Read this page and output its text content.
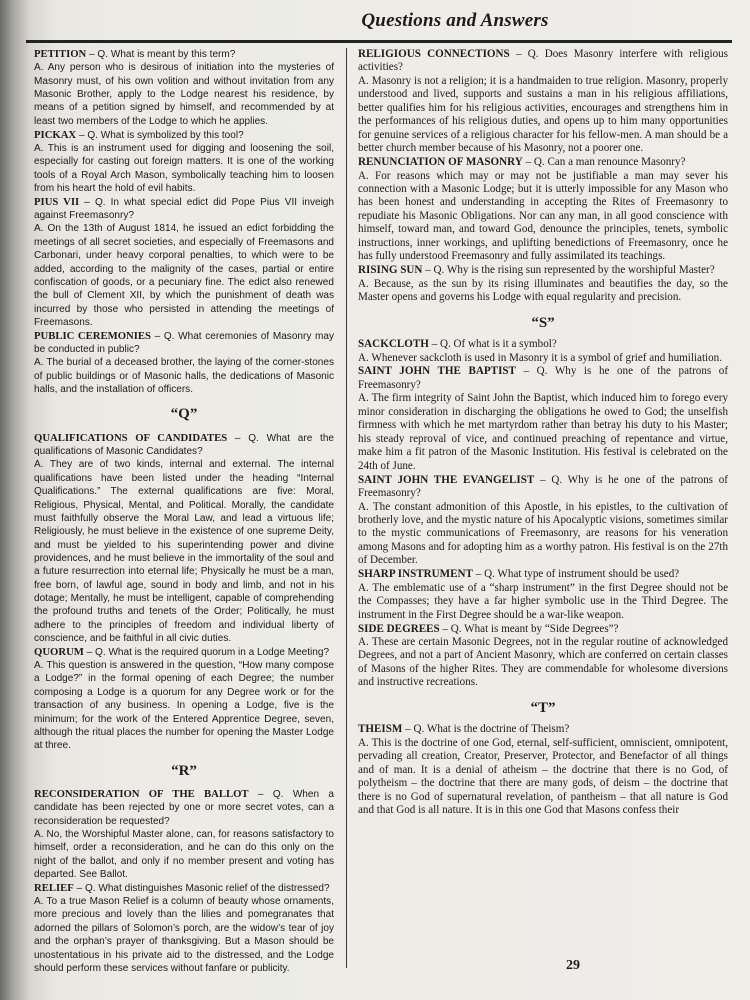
Questions and Answers

PETITION – Q. What is meant by this term?

A. Any person who is desirous of initiation into the mysteries of Masonry must, of his own volition and without invitation from any Masonic Brother, apply to the Lodge nearest his residence, by means of a petition signed by himself, and recommended by at least two members of the Lodge to which he applies.

PICKAX – Q. What is symbolized by this tool?

A. This is an instrument used for digging and loosening the soil, especially for casting out foreign matters. It is one of the working tools of a Royal Arch Mason, symbolically teaching him to loosen from his heart the hold of evil habits.

PIUS VII – Q. In what special edict did Pope Pius VII inveigh against Freemasonry?

A. On the 13th of August 1814, he issued an edict forbidding the meetings of all secret societies, and especially of Freemasons and Carbonari, under heavy corporal penalties, to which were to be added, according to the malignity of the cases, partial or entire confiscation of goods, or a pecuniary fine. The edict also renewed the bull of Clement XII, by which the punishment of death was incurred by those who persisted in attending the meetings of Freemasons.

PUBLIC CEREMONIES – Q. What ceremonies of Masonry may be conducted in public?

A. The burial of a deceased brother, the laying of the corner-stones of public buildings or of Masonic halls, the dedications of Masonic halls, and the installation of officers.

“Q”

QUALIFICATIONS OF CANDIDATES – Q. What are the qualifications of Masonic Candidates?

A. They are of two kinds, internal and external. The internal qualifications have been listed under the heading “Internal Qualifications.” The external qualifications are five: Moral, Religious, Physical, Mental, and Political. Morally, the candidate must faithfully observe the Moral Law, and lead a virtuous life; Religiously, he must believe in the existence of one supreme Deity, and must be yielded to his superintending power and divine providences, and he must believe in the immortality of the soul and a future resurrection into eternal life; Physically he must be a man, free born, of lawful age, sound in body and limb, and not in his dotage; Mentally, he must be intelligent, capable of comprehending the profound truths and tenets of the Order; Politically, he must adhere to the principles of freedom and individual liberty of conscience, and be faithful in all civic duties.

QUORUM – Q. What is the required quorum in a Lodge Meeting?

A. This question is answered in the question, “How many compose a Lodge?” in the formal opening of each Degree; the number composing a Lodge is a quorum for any Degree work or for the transaction of any business. In opening a Lodge, five is the minimum; for the work of the Entered Apprentice Degree, seven, although the ritual places the number for opening the Master Lodge at three.

“R”

RECONSIDERATION OF THE BALLOT – Q. When a candidate has been rejected by one or more secret votes, can a reconsideration be requested?

A. No, the Worshipful Master alone, can, for reasons satisfactory to himself, order a reconsideration, and he can do this only on the night of the ballot, and only if no member present and voting has departed. See Ballot.

RELIEF – Q. What distinguishes Masonic relief of the distressed?

A. To a true Mason Relief is a column of beauty whose ornaments, more precious and lovely than the lilies and pomegranates that adorned the pillars of Solomon’s porch, are the widow’s tear of joy and the orphan’s prayer of thanksgiving. But a Mason should be unostentatious in his private aid to the distressed, and the Lodge should perform these services without fanfare or publicity.

RELIGIOUS CONNECTIONS – Q. Does Masonry interfere with religious activities?

A. Masonry is not a religion; it is a handmaiden to true religion. Masonry, properly understood and lived, supports and sustains a man in his religious affiliations, better qualifies him for his religious activities, encourages and strengthens him in the performances of his religious duties, and opens up to him many opportunities for genuine services of a religious character for his fellow-men. A man should be a better church member because of his Masonry, not a poorer one.

RENUNCIATION OF MASONRY – Q. Can a man renounce Masonry?

A. For reasons which may or may not be justifiable a man may sever his connection with a Masonic Lodge; but it is utterly impossible for any Mason who has been honest and understanding in accepting the Rites of Freemasonry to repudiate his Masonic Obligations. Nor can any man, in all good conscience with himself, toward man, and toward God, denounce the principles, tenets, symbolic instructions, inner workings, and uplifting benedictions of Freemasonry, once he has fully understood Freemasonry and fully assimilated its teachings.

RISING SUN – Q. Why is the rising sun represented by the worshipful Master?

A. Because, as the sun by its rising illuminates and beautifies the day, so the Master opens and governs his Lodge with equal regularity and precision.

“S”

SACKCLOTH – Q. Of what is it a symbol?

A. Whenever sackcloth is used in Masonry it is a symbol of grief and humiliation.

SAINT JOHN THE BAPTIST – Q. Why is he one of the patrons of Freemasonry?

A. The firm integrity of Saint John the Baptist, which induced him to forego every minor consideration in discharging the obligations he owed to God; the unselfish firmness with which he met martyrdom rather than betray his duty to his Master; his steady reproval of vice, and continued preaching of repentance and virtue, make him a fit patron of the Masonic Institution. His festival is celebrated on the 24th of June.

SAINT JOHN THE EVANGELIST – Q. Why is he one of the patrons of Freemasonry?

A. The constant admonition of this Apostle, in his epistles, to the cultivation of brotherly love, and the mystic nature of his Apocalyptic visions, sometimes similar to the mystic communications of Freemasonry, are reasons for his veneration among Masons and for adopting him as a worthy patron. His festival is on the 27th of December.

SHARP INSTRUMENT – Q. What type of instrument should be used?

A. The emblematic use of a “sharp instrument” in the first Degree should not be the Compasses; they have a far higher symbolic use in the Third Degree. The instrument in the First Degree should be a war-like weapon.

SIDE DEGREES – Q. What is meant by “Side Degrees”?

A. These are certain Masonic Degrees, not in the regular routine of acknowledged Degrees, and not a part of Ancient Masonry, which are conferred on certain classes of Masons of the higher Rites. They are commendable for wholesome diversions and instructive recreations.

“T”

THEISM – Q. What is the doctrine of Theism?

A. This is the doctrine of one God, eternal, self-sufficient, omniscient, omnipotent, pervading all creation, Creator, Preserver, Protector, and Benefactor of all things and of man. It is a denial of atheism – the doctrine that there is no God, of polytheism – the doctrine that there are many gods, of deism – the doctrine that there is no God of supernatural revelation, of pantheism – that all nature is God and that God is all nature. It is in this one God that Masons confess their

29
